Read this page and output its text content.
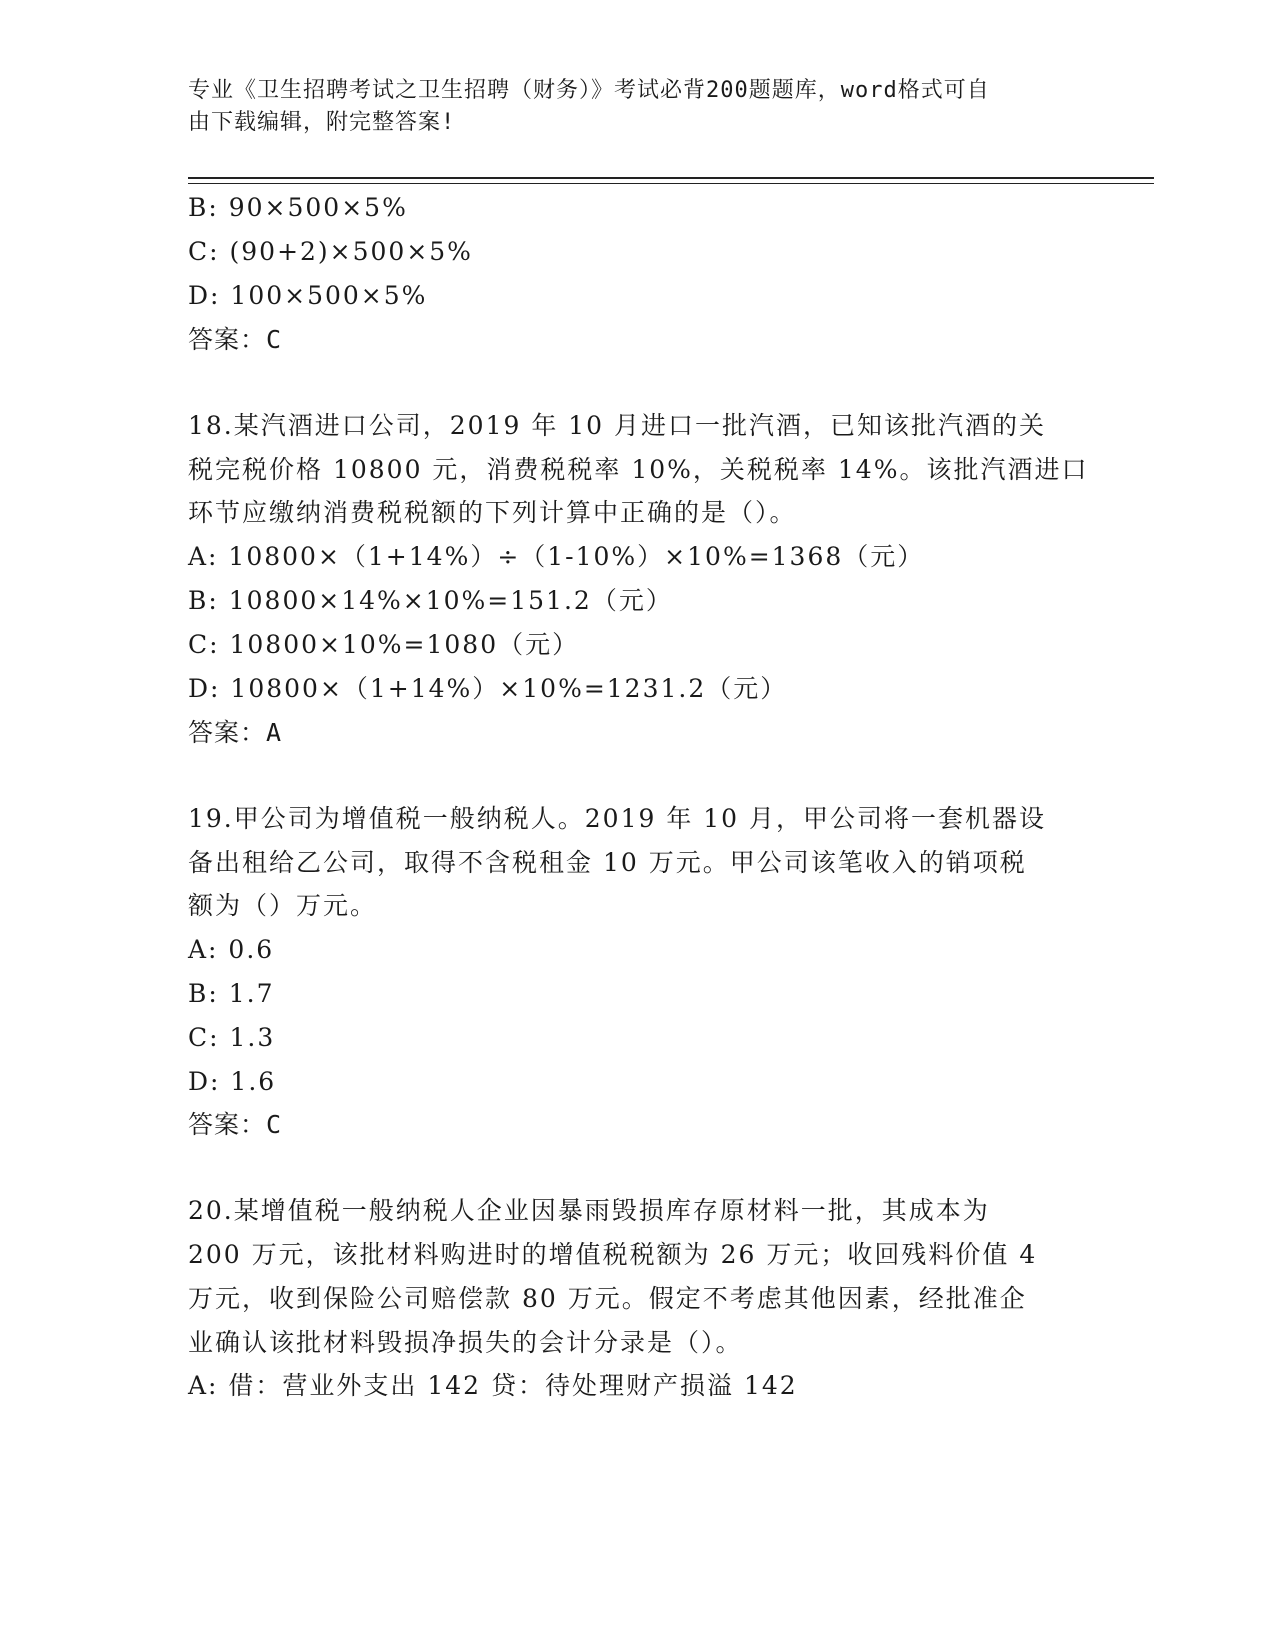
专业《卫生招聘考试之卫生招聘（财务）》考试必背200题题库，word格式可自
由下载编辑，附完整答案!
B: 90×500×5%
C: (90+2)×500×5%
D: 100×500×5%
答案：C
18.某汽酒进口公司，2019 年 10 月进口一批汽酒，已知该批汽酒的关
税完税价格 10800 元，消费税税率 10%，关税税率 14%。该批汽酒进口
环节应缴纳消费税税额的下列计算中正确的是（）。
A: 10800×（1+14%）÷（1-10%）×10%=1368（元）
B: 10800×14%×10%=151.2（元）
C: 10800×10%=1080（元）
D: 10800×（1+14%）×10%=1231.2（元）
答案：A
19.甲公司为增值税一般纳税人。2019 年 10 月，甲公司将一套机器设
备出租给乙公司，取得不含税租金 10 万元。甲公司该笔收入的销项税
额为（）万元。
A: 0.6
B: 1.7
C: 1.3
D: 1.6
答案：C
20.某增值税一般纳税人企业因暴雨毁损库存原材料一批，其成本为
200 万元，该批材料购进时的增值税税额为 26 万元；收回残料价值 4
万元，收到保险公司赔偿款 80 万元。假定不考虑其他因素，经批准企
业确认该批材料毁损净损失的会计分录是（）。
A: 借：营业外支出 142 贷：待处理财产损溢 142
